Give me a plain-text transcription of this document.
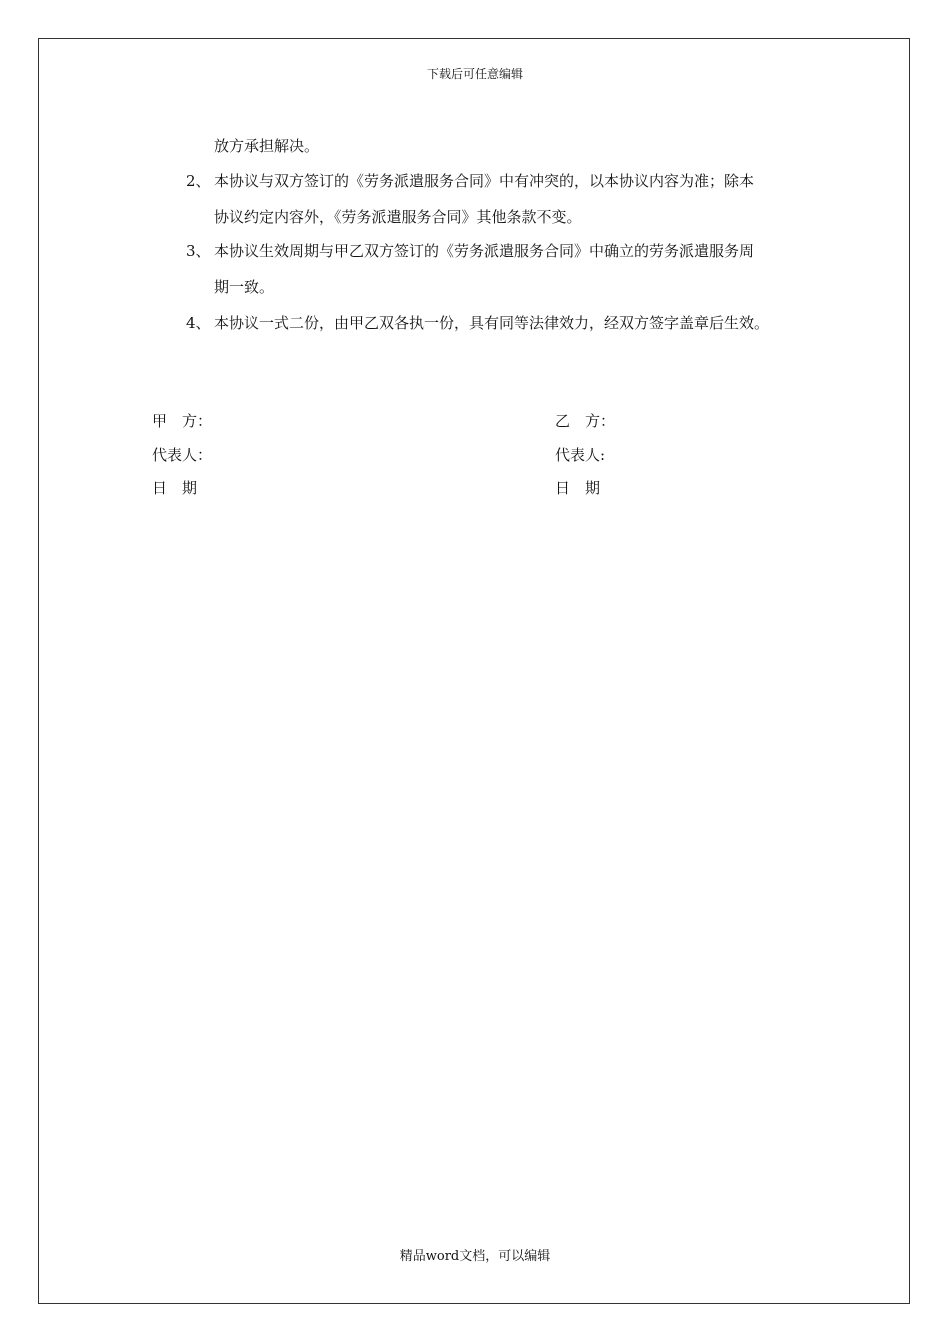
下载后可任意编辑
放方承担解决。
2、 本协议与双方签订的《劳务派遣服务合同》中有冲突的，以本协议内容为准；除本
协议约定内容外，《劳务派遣服务合同》其他条款不变。
3、 本协议生效周期与甲乙双方签订的《劳务派遣服务合同》中确立的劳务派遣服务周
期一致。
4、 本协议一式二份，由甲乙双各执一份，具有同等法律效力，经双方签字盖章后生效。
甲　方：
代表人：
日　期
乙　方：
代表人:
日　期
精品word文档，可以编辑
